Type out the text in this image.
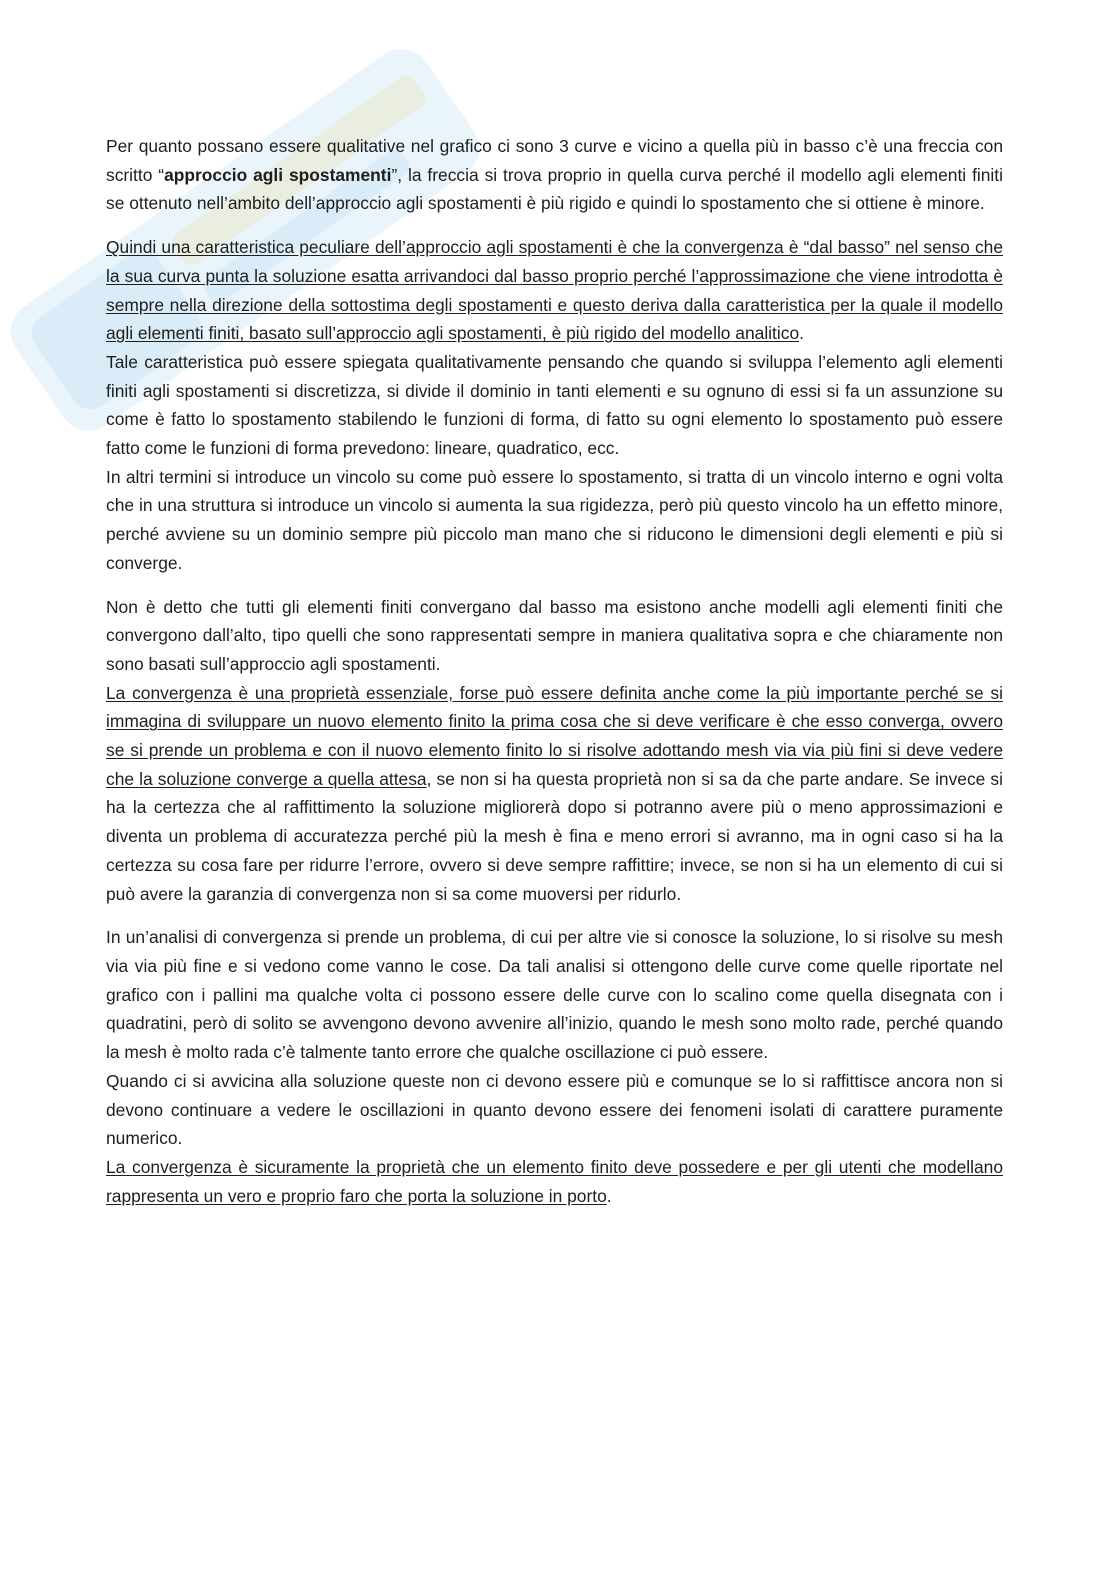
Per quanto possano essere qualitative nel grafico ci sono 3 curve e vicino a quella più in basso c’è una freccia con scritto “approccio agli spostamenti”, la freccia si trova proprio in quella curva perché il modello agli elementi finiti se ottenuto nell’ambito dell’approccio agli spostamenti è più rigido e quindi lo spostamento che si ottiene è minore.

Quindi una caratteristica peculiare dell’approccio agli spostamenti è che la convergenza è “dal basso” nel senso che la sua curva punta la soluzione esatta arrivandoci dal basso proprio perché l’approssimazione che viene introdotta è sempre nella direzione della sottostima degli spostamenti e questo deriva dalla caratteristica per la quale il modello agli elementi finiti, basato sull’approccio agli spostamenti, è più rigido del modello analitico.

Tale caratteristica può essere spiegata qualitativamente pensando che quando si sviluppa l’elemento agli elementi finiti agli spostamenti si discretizza, si divide il dominio in tanti elementi e su ognuno di essi si fa un assunzione su come è fatto lo spostamento stabilendo le funzioni di forma, di fatto su ogni elemento lo spostamento può essere fatto come le funzioni di forma prevedono: lineare, quadratico, ecc.

In altri termini si introduce un vincolo su come può essere lo spostamento, si tratta di un vincolo interno e ogni volta che in una struttura si introduce un vincolo si aumenta la sua rigidezza, però più questo vincolo ha un effetto minore, perché avviene su un dominio sempre più piccolo man mano che si riducono le dimensioni degli elementi e più si converge.

Non è detto che tutti gli elementi finiti convergano dal basso ma esistono anche modelli agli elementi finiti che convergono dall’alto, tipo quelli che sono rappresentati sempre in maniera qualitativa sopra e che chiaramente non sono basati sull’approccio agli spostamenti.

La convergenza è una proprietà essenziale, forse può essere definita anche come la più importante perché se si immagina di sviluppare un nuovo elemento finito la prima cosa che si deve verificare è che esso converga, ovvero se si prende un problema e con il nuovo elemento finito lo si risolve adottando mesh via via più fini si deve vedere che la soluzione converge a quella attesa, se non si ha questa proprietà non si sa da che parte andare. Se invece si ha la certezza che al raffittimento la soluzione migliorerà dopo si potranno avere più o meno approssimazioni e diventa un problema di accuratezza perché più la mesh è fina e meno errori si avranno, ma in ogni caso si ha la certezza su cosa fare per ridurre l’errore, ovvero si deve sempre raffittire; invece, se non si ha un elemento di cui si può avere la garanzia di convergenza non si sa come muoversi per ridurlo.

In un’analisi di convergenza si prende un problema, di cui per altre vie si conosce la soluzione, lo si risolve su mesh via via più fine e si vedono come vanno le cose. Da tali analisi si ottengono delle curve come quelle riportate nel grafico con i pallini ma qualche volta ci possono essere delle curve con lo scalino come quella disegnata con i quadratini, però di solito se avvengono devono avvenire all’inizio, quando le mesh sono molto rade, perché quando la mesh è molto rada c’è talmente tanto errore che qualche oscillazione ci può essere.

Quando ci si avvicina alla soluzione queste non ci devono essere più e comunque se lo si raffittisce ancora non si devono continuare a vedere le oscillazioni in quanto devono essere dei fenomeni isolati di carattere puramente numerico.

La convergenza è sicuramente la proprietà che un elemento finito deve possedere e per gli utenti che modellano rappresenta un vero e proprio faro che porta la soluzione in porto.
